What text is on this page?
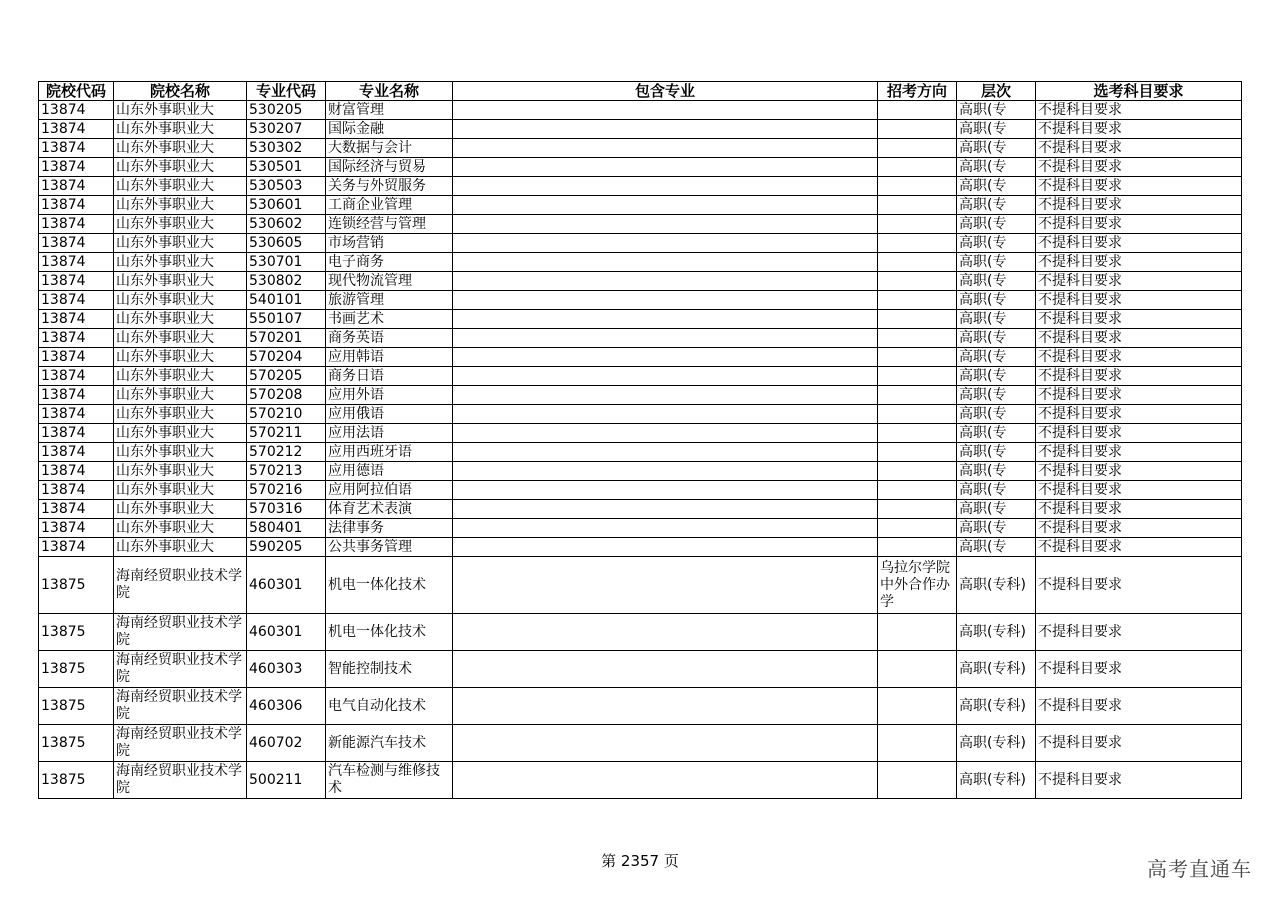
院校代码	院校名称	专业代码	专业名称	包含专业	招考方向	层次	选考科目要求
13874	山东外事职业大	530205	财富管理			高职(专	不提科目要求
13874	山东外事职业大	530207	国际金融			高职(专	不提科目要求
13874	山东外事职业大	530302	大数据与会计			高职(专	不提科目要求
13874	山东外事职业大	530501	国际经济与贸易			高职(专	不提科目要求
13874	山东外事职业大	530503	关务与外贸服务			高职(专	不提科目要求
13874	山东外事职业大	530601	工商企业管理			高职(专	不提科目要求
13874	山东外事职业大	530602	连锁经营与管理			高职(专	不提科目要求
13874	山东外事职业大	530605	市场营销			高职(专	不提科目要求
13874	山东外事职业大	530701	电子商务			高职(专	不提科目要求
13874	山东外事职业大	530802	现代物流管理			高职(专	不提科目要求
13874	山东外事职业大	540101	旅游管理			高职(专	不提科目要求
13874	山东外事职业大	550107	书画艺术			高职(专	不提科目要求
13874	山东外事职业大	570201	商务英语			高职(专	不提科目要求
13874	山东外事职业大	570204	应用韩语			高职(专	不提科目要求
13874	山东外事职业大	570205	商务日语			高职(专	不提科目要求
13874	山东外事职业大	570208	应用外语			高职(专	不提科目要求
13874	山东外事职业大	570210	应用俄语			高职(专	不提科目要求
13874	山东外事职业大	570211	应用法语			高职(专	不提科目要求
13874	山东外事职业大	570212	应用西班牙语			高职(专	不提科目要求
13874	山东外事职业大	570213	应用德语			高职(专	不提科目要求
13874	山东外事职业大	570216	应用阿拉伯语			高职(专	不提科目要求
13874	山东外事职业大	570316	体育艺术表演			高职(专	不提科目要求
13874	山东外事职业大	580401	法律事务			高职(专	不提科目要求
13874	山东外事职业大	590205	公共事务管理			高职(专	不提科目要求
13875	海南经贸职业技术学院	460301	机电一体化技术		乌拉尔学院中外合作办学	高职(专科)	不提科目要求
13875	海南经贸职业技术学院	460301	机电一体化技术			高职(专科)	不提科目要求
13875	海南经贸职业技术学院	460303	智能控制技术			高职(专科)	不提科目要求
13875	海南经贸职业技术学院	460306	电气自动化技术			高职(专科)	不提科目要求
13875	海南经贸职业技术学院	460702	新能源汽车技术			高职(专科)	不提科目要求
13875	海南经贸职业技术学院	500211	汽车检测与维修技术			高职(专科)	不提科目要求
第 2357 页	高考直通车
